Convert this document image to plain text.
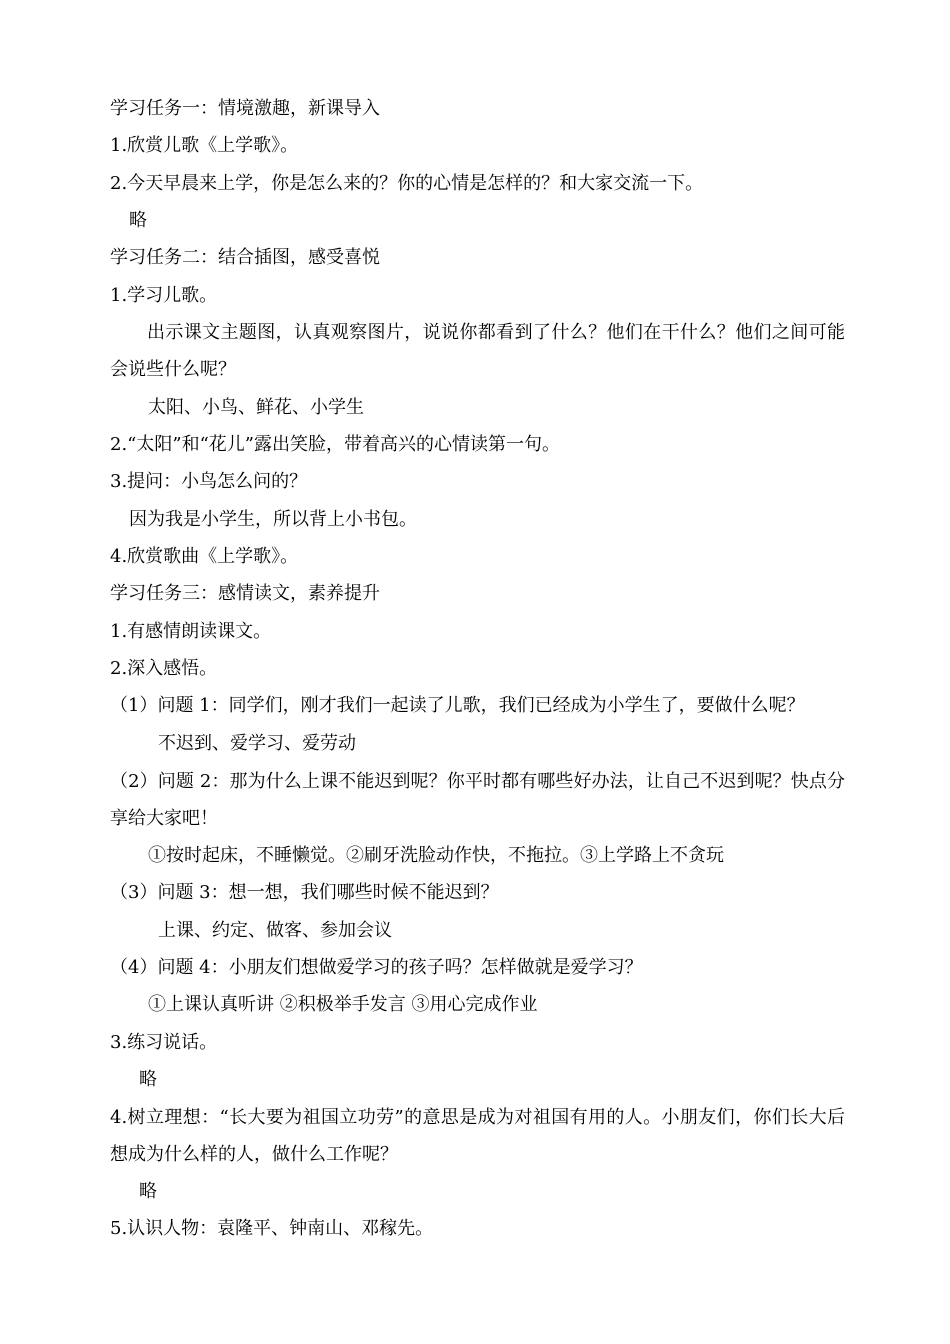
学习任务一：情境激趣，新课导入
1.欣赏儿歌《上学歌》。
2.今天早晨来上学，你是怎么来的？你的心情是怎样的？和大家交流一下。
略
学习任务二：结合插图，感受喜悦
1.学习儿歌。
出示课文主题图，认真观察图片，说说你都看到了什么？他们在干什么？他们之间可能会说些什么呢？
太阳、小鸟、鲜花、小学生
2.“太阳”和“花儿”露出笑脸，带着高兴的心情读第一句。
3.提问：小鸟怎么问的？
因为我是小学生，所以背上小书包。
4.欣赏歌曲《上学歌》。
学习任务三：感情读文，素养提升
1.有感情朗读课文。
2.深入感悟。
（1）问题 1：同学们，刚才我们一起读了儿歌，我们已经成为小学生了，要做什么呢？
不迟到、爱学习、爱劳动
（2）问题 2：那为什么上课不能迟到呢？你平时都有哪些好办法，让自己不迟到呢？快点分享给大家吧！
①按时起床，不睡懒觉。②刷牙洗脸动作快，不拖拉。③上学路上不贪玩
（3）问题 3：想一想，我们哪些时候不能迟到？
上课、约定、做客、参加会议
（4）问题 4：小朋友们想做爱学习的孩子吗？怎样做就是爱学习？
①上课认真听讲 ②积极举手发言 ③用心完成作业
3.练习说话。
略
4.树立理想：“长大要为祖国立功劳”的意思是成为对祖国有用的人。小朋友们，你们长大后想成为什么样的人，做什么工作呢？
略
5.认识人物：袁隆平、钟南山、邓稼先。
